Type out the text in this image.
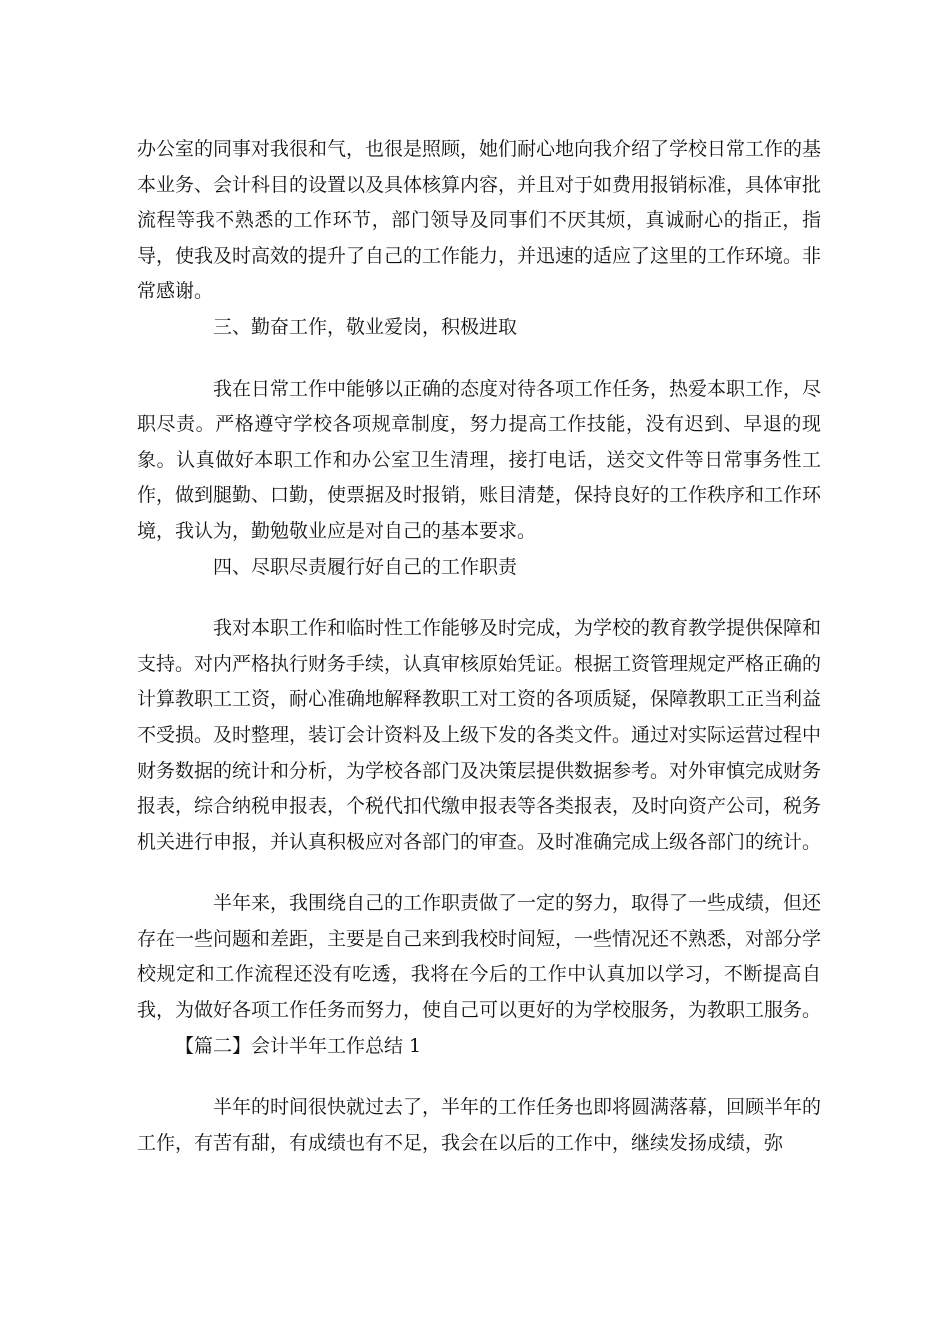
办公室的同事对我很和气，也很是照顾，她们耐心地向我介绍了学校日常工作的基本业务、会计科目的设置以及具体核算内容，并且对于如费用报销标准，具体审批流程等我不熟悉的工作环节，部门领导及同事们不厌其烦，真诚耐心的指正，指导，使我及时高效的提升了自己的工作能力，并迅速的适应了这里的工作环境。非常感谢。

三、勤奋工作，敬业爱岗，积极进取

我在日常工作中能够以正确的态度对待各项工作任务，热爱本职工作，尽职尽责。严格遵守学校各项规章制度，努力提高工作技能，没有迟到、早退的现象。认真做好本职工作和办公室卫生清理，接打电话，送交文件等日常事务性工作，做到腿勤、口勤，使票据及时报销，账目清楚，保持良好的工作秩序和工作环境，我认为，勤勉敬业应是对自己的基本要求。

四、尽职尽责履行好自己的工作职责

我对本职工作和临时性工作能够及时完成，为学校的教育教学提供保障和支持。对内严格执行财务手续，认真审核原始凭证。根据工资管理规定严格正确的计算教职工工资，耐心准确地解释教职工对工资的各项质疑，保障教职工正当利益不受损。及时整理，装订会计资料及上级下发的各类文件。通过对实际运营过程中财务数据的统计和分析，为学校各部门及决策层提供数据参考。对外审慎完成财务报表，综合纳税申报表，个税代扣代缴申报表等各类报表，及时向资产公司，税务机关进行申报，并认真积极应对各部门的审查。及时准确完成上级各部门的统计。

半年来，我围绕自己的工作职责做了一定的努力，取得了一些成绩，但还存在一些问题和差距，主要是自己来到我校时间短，一些情况还不熟悉，对部分学校规定和工作流程还没有吃透，我将在今后的工作中认真加以学习，不断提高自我，为做好各项工作任务而努力，使自己可以更好的为学校服务，为教职工服务。

【篇二】会计半年工作总结 1

半年的时间很快就过去了，半年的工作任务也即将圆满落幕，回顾半年的工作，有苦有甜，有成绩也有不足，我会在以后的工作中，继续发扬成绩，弥
